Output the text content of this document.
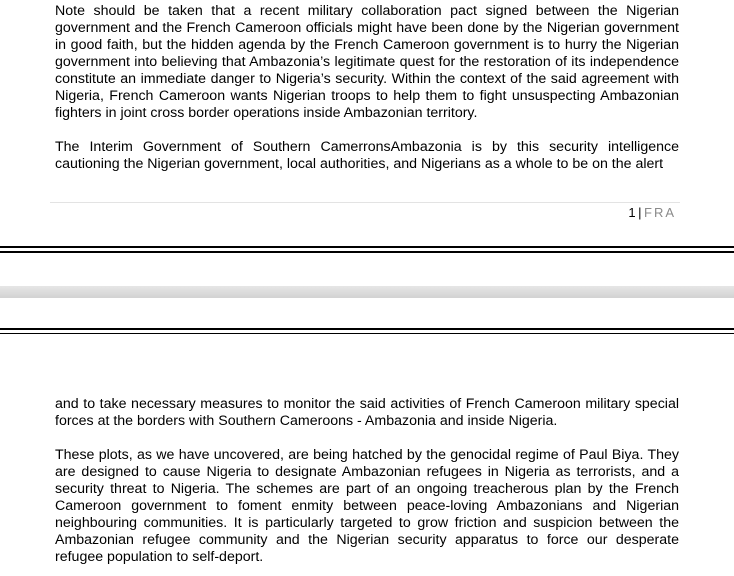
Note should be taken that a recent military collaboration pact signed between the Nigerian government and the French Cameroon officials might have been done by the Nigerian government in good faith, but the hidden agenda by the French Cameroon government is to hurry the Nigerian government into believing that Ambazonia’s legitimate quest for the restoration of its independence constitute an immediate danger to Nigeria’s security. Within the context of the said agreement with Nigeria, French Cameroon wants Nigerian troops to help them to fight unsuspecting Ambazonian fighters in joint cross border operations inside Ambazonian territory.

The Interim Government of Southern CamerronsAmbazonia is by this security intelligence cautioning the Nigerian government, local authorities, and Nigerians as a whole to be on the alert

1 | FRA

and to take necessary measures to monitor the said activities of French Cameroon military special forces at the borders with Southern Cameroons - Ambazonia and inside Nigeria.

These plots, as we have uncovered, are being hatched by the genocidal regime of Paul Biya. They are designed to cause Nigeria to designate Ambazonian refugees in Nigeria as terrorists, and a security threat to Nigeria. The schemes are part of an ongoing treacherous plan by the French Cameroon government to foment enmity between peace-loving Ambazonians and Nigerian neighbouring communities. It is particularly targeted to grow friction and suspicion between the Ambazonian refugee community and the Nigerian security apparatus to force our desperate refugee population to self-deport.
